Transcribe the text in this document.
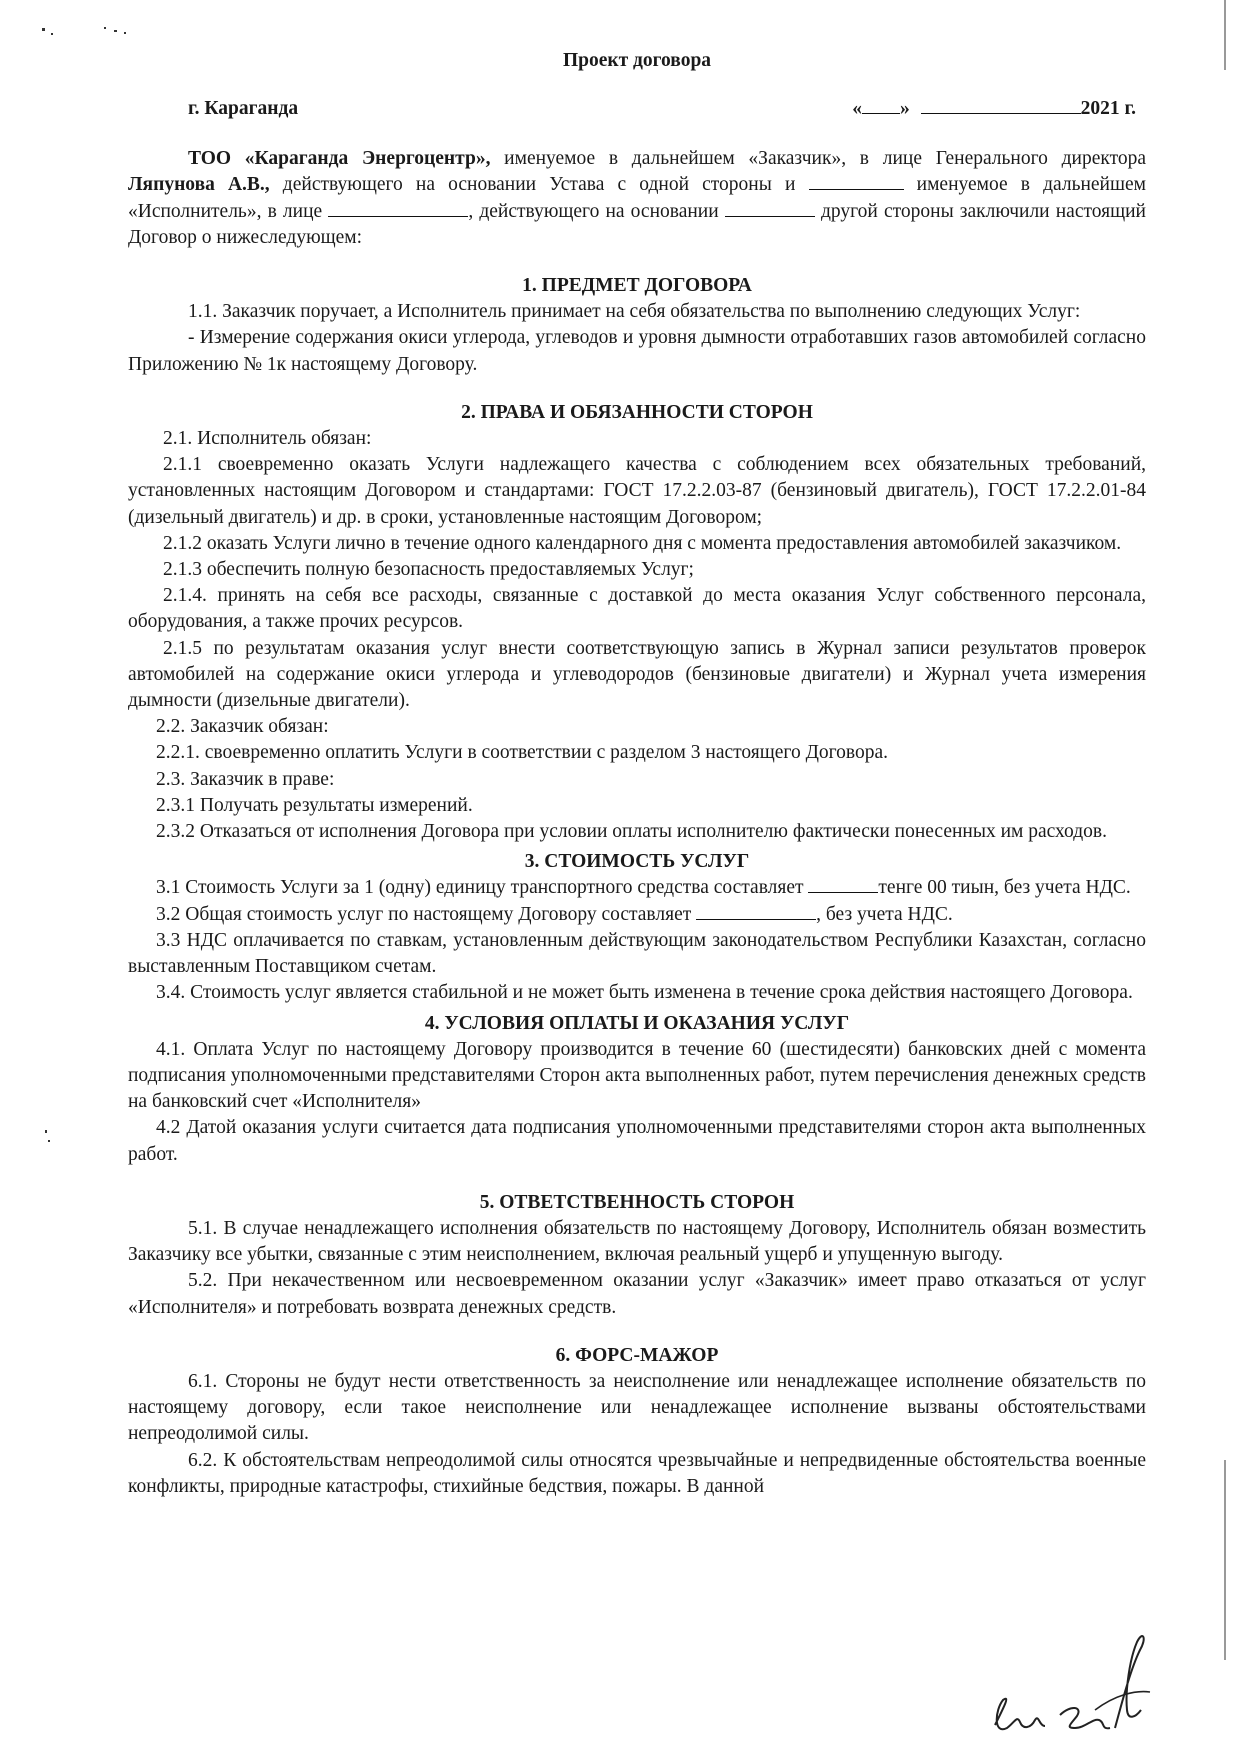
Проект договора

г. Караганда	« »	2021 г.

ТОО «Караганда Энергоцентр», именуемое в дальнейшем «Заказчик», в лице Генерального директора Ляпунова А.В., действующего на основании Устава с одной стороны и	именуемое в дальнейшем «Исполнитель», в лице	, действующего на основании	другой стороны заключили настоящий Договор о нижеследующем:

1. ПРЕДМЕТ ДОГОВОРА

1.1. Заказчик поручает, а Исполнитель принимает на себя обязательства по выполнению следующих Услуг:

- Измерение содержания окиси углерода, углеводов и уровня дымности отработавших газов автомобилей согласно Приложению № 1к настоящему Договору.

2. ПРАВА И ОБЯЗАННОСТИ СТОРОН

2.1. Исполнитель обязан:

2.1.1 своевременно оказать Услуги надлежащего качества с соблюдением всех обязательных требований, установленных настоящим Договором и стандартами: ГОСТ 17.2.2.03-87 (бензиновый двигатель), ГОСТ 17.2.2.01-84 (дизельный двигатель) и др. в сроки, установленные настоящим Договором;

2.1.2 оказать Услуги лично в течение одного календарного дня с момента предоставления автомобилей заказчиком.

2.1.3 обеспечить полную безопасность предоставляемых Услуг;

2.1.4. принять на себя все расходы, связанные с доставкой до места оказания Услуг собственного персонала, оборудования, а также прочих ресурсов.

2.1.5 по результатам оказания услуг внести соответствующую запись в Журнал записи результатов проверок автомобилей на содержание окиси углерода и углеводородов (бензиновые двигатели) и Журнал учета измерения дымности (дизельные двигатели).

2.2. Заказчик обязан:

2.2.1. своевременно оплатить Услуги в соответствии с разделом 3 настоящего Договора.

2.3. Заказчик в праве:

2.3.1 Получать результаты измерений.

2.3.2 Отказаться от исполнения Договора при условии оплаты исполнителю фактически понесенных им расходов.

3. СТОИМОСТЬ УСЛУГ

3.1 Стоимость Услуги за 1 (одну) единицу транспортного средства составляет	тенге 00 тиын, без учета НДС.

3.2 Общая стоимость услуг по настоящему Договору составляет	, без учета НДС.

3.3 НДС оплачивается по ставкам, установленным действующим законодательством Республики Казахстан, согласно выставленным Поставщиком счетам.

3.4. Стоимость услуг является стабильной и не может быть изменена в течение срока действия настоящего Договора.

4. УСЛОВИЯ ОПЛАТЫ И ОКАЗАНИЯ УСЛУГ

4.1. Оплата Услуг по настоящему Договору производится в течение 60 (шестидесяти) банковских дней с момента подписания уполномоченными представителями Сторон акта выполненных работ, путем перечисления денежных средств на банковский счет «Исполнителя»

4.2 Датой оказания услуги считается дата подписания уполномоченными представителями сторон акта выполненных работ.

5. ОТВЕТСТВЕННОСТЬ СТОРОН

5.1. В случае ненадлежащего исполнения обязательств по настоящему Договору, Исполнитель обязан возместить Заказчику все убытки, связанные с этим неисполнением, включая реальный ущерб и упущенную выгоду.

5.2. При некачественном или несвоевременном оказании услуг «Заказчик» имеет право отказаться от услуг «Исполнителя» и потребовать возврата денежных средств.

6. ФОРС-МАЖОР

6.1. Стороны не будут нести ответственность за неисполнение или ненадлежащее исполнение обязательств по настоящему договору, если такое неисполнение или ненадлежащее исполнение вызваны обстоятельствами непреодолимой силы.

6.2. К обстоятельствам непреодолимой силы относятся чрезвычайные и непредвиденные обстоятельства военные конфликты, природные катастрофы, стихийные бедствия, пожары. В данной
